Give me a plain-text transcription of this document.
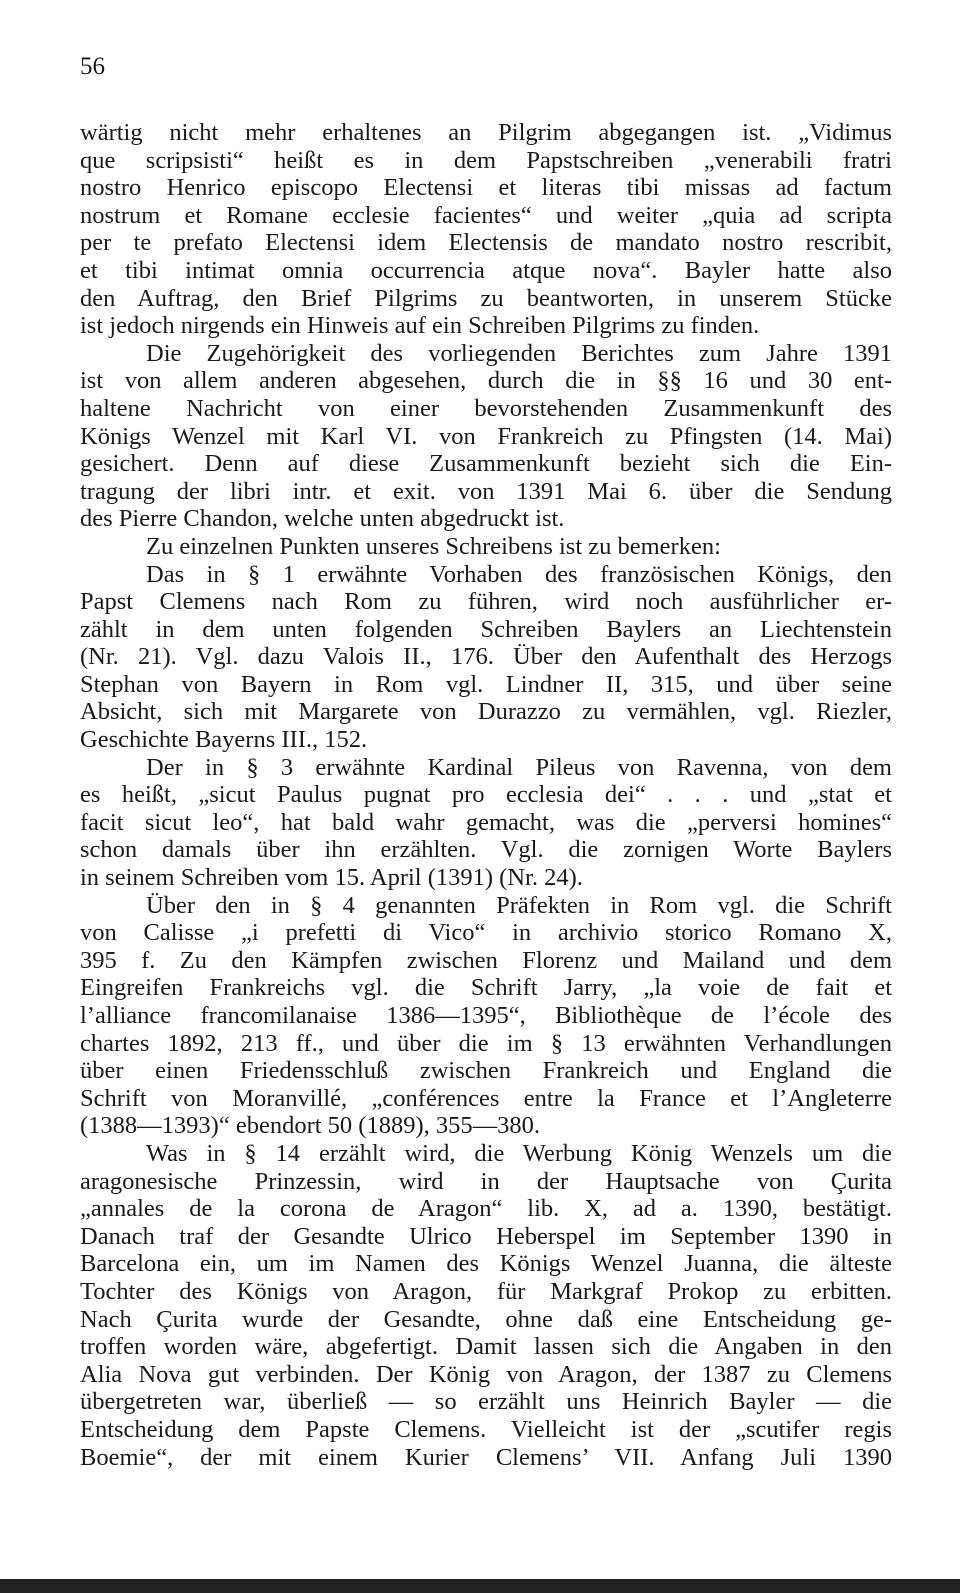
56
wärtig nicht mehr erhaltenes an Pilgrim abgegangen ist. „Vidimus
que scripsisti“ heißt es in dem Papstschreiben „venerabili fratri
nostro Henrico episcopo Electensi et literas tibi missas ad factum
nostrum et Romane ecclesie facientes“ und weiter „quia ad scripta
per te prefato Electensi idem Electensis de mandato nostro rescribit,
et tibi intimat omnia occurrencia atque nova“. Bayler hatte also
den Auftrag, den Brief Pilgrims zu beantworten, in unserem Stücke
ist jedoch nirgends ein Hinweis auf ein Schreiben Pilgrims zu finden.
Die Zugehörigkeit des vorliegenden Berichtes zum Jahre 1391
ist von allem anderen abgesehen, durch die in §§ 16 und 30 ent-
haltene Nachricht von einer bevorstehenden Zusammenkunft des
Königs Wenzel mit Karl VI. von Frankreich zu Pfingsten (14. Mai)
gesichert. Denn auf diese Zusammenkunft bezieht sich die Ein-
tragung der libri intr. et exit. von 1391 Mai 6. über die Sendung
des Pierre Chandon, welche unten abgedruckt ist.
Zu einzelnen Punkten unseres Schreibens ist zu bemerken:
Das in § 1 erwähnte Vorhaben des französischen Königs, den
Papst Clemens nach Rom zu führen, wird noch ausführlicher er-
zählt in dem unten folgenden Schreiben Baylers an Liechtenstein
(Nr. 21). Vgl. dazu Valois II., 176. Über den Aufenthalt des Herzogs
Stephan von Bayern in Rom vgl. Lindner II, 315, und über seine
Absicht, sich mit Margarete von Durazzo zu vermählen, vgl. Riezler,
Geschichte Bayerns III., 152.
Der in § 3 erwähnte Kardinal Pileus von Ravenna, von dem
es heißt, „sicut Paulus pugnat pro ecclesia dei“ . . . und „stat et
facit sicut leo“, hat bald wahr gemacht, was die „perversi homines“
schon damals über ihn erzählten. Vgl. die zornigen Worte Baylers
in seinem Schreiben vom 15. April (1391) (Nr. 24).
Über den in § 4 genannten Präfekten in Rom vgl. die Schrift
von Calisse „i prefetti di Vico“ in archivio storico Romano X,
395 f. Zu den Kämpfen zwischen Florenz und Mailand und dem
Eingreifen Frankreichs vgl. die Schrift Jarry, „la voie de fait et
l’alliance francomilanaise 1386—1395“, Bibliothèque de l’école des
chartes 1892, 213 ff., und über die im § 13 erwähnten Verhandlungen
über einen Friedensschluß zwischen Frankreich und England die
Schrift von Moranvillé, „conférences entre la France et l’Angleterre
(1388—1393)“ ebendort 50 (1889), 355—380.
Was in § 14 erzählt wird, die Werbung König Wenzels um die
aragonesische Prinzessin, wird in der Hauptsache von Çurita
„annales de la corona de Aragon“ lib. X, ad a. 1390, bestätigt.
Danach traf der Gesandte Ulrico Heberspel im September 1390 in
Barcelona ein, um im Namen des Königs Wenzel Juanna, die älteste
Tochter des Königs von Aragon, für Markgraf Prokop zu erbitten.
Nach Çurita wurde der Gesandte, ohne daß eine Entscheidung ge-
troffen worden wäre, abgefertigt. Damit lassen sich die Angaben in den
Alia Nova gut verbinden. Der König von Aragon, der 1387 zu Clemens
übergetreten war, überließ — so erzählt uns Heinrich Bayler — die
Entscheidung dem Papste Clemens. Vielleicht ist der „scutifer regis
Boemie“, der mit einem Kurier Clemens’ VII. Anfang Juli 1390
